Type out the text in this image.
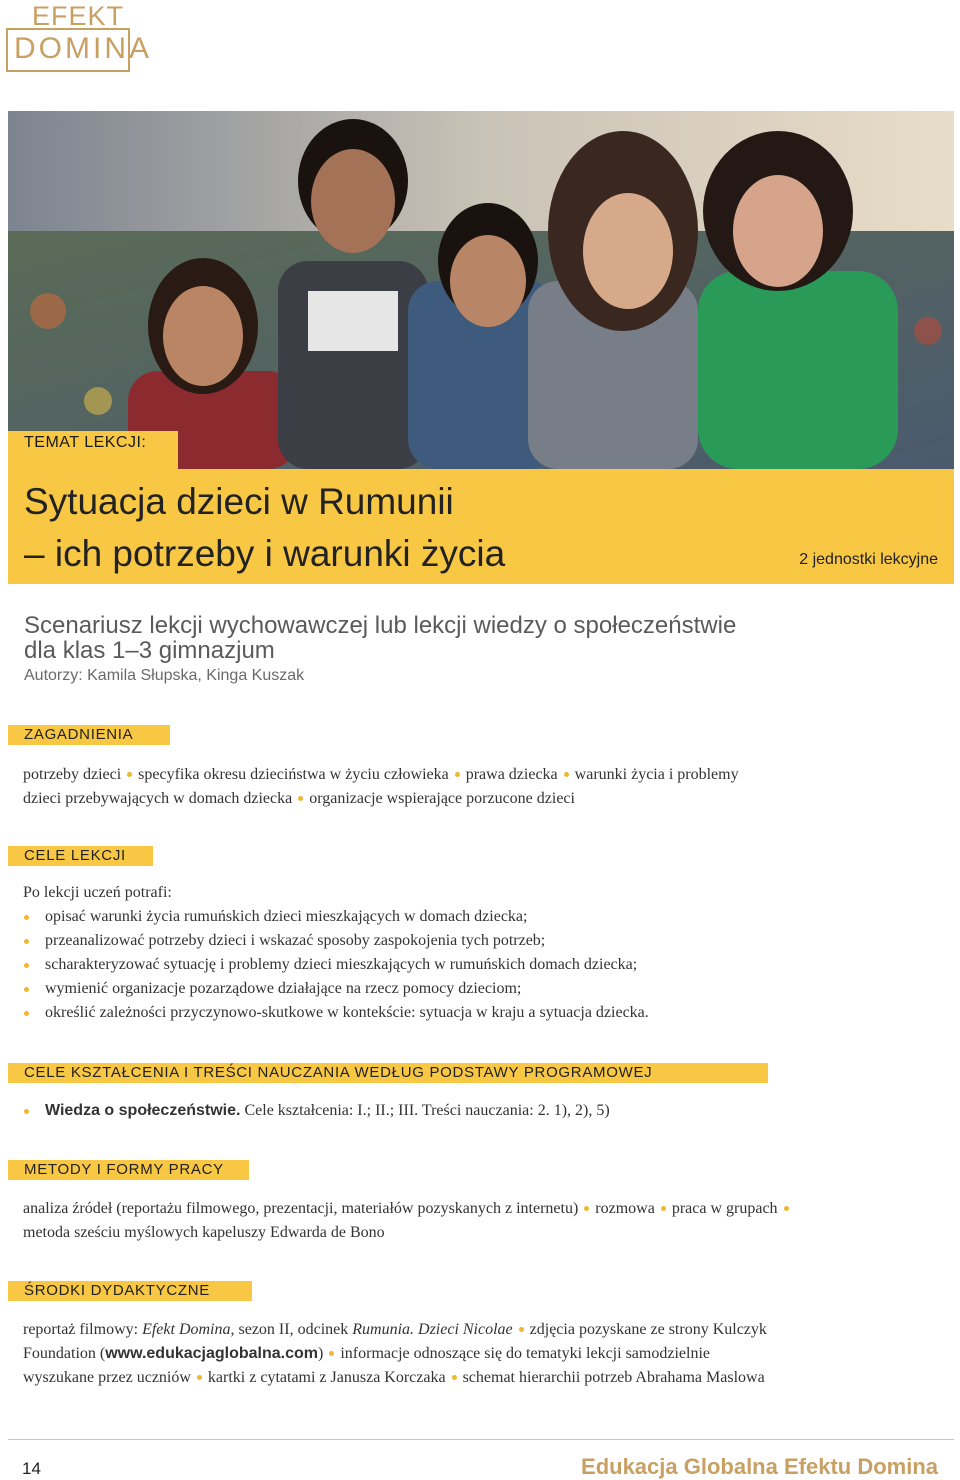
EFEKT
DOMINA
TEMAT LEKCJI:
Sytuacja dzieci w Rumunii
– ich potrzeby i warunki życia	2 jednostki lekcyjne
Scenariusz lekcji wychowawczej lub lekcji wiedzy o społeczeństwie
dla klas 1–3 gimnazjum
Autorzy: Kamila Słupska, Kinga Kuszak
ZAGADNIENIA
potrzeby dzieci specyfika okresu dzieciństwa w życiu człowieka prawa dziecka warunki życia i problemy
dzieci przebywających w domach dziecka organizacje wspierające porzucone dzieci
CELE LEKCJI
Po lekcji uczeń potrafi:
opisać warunki życia rumuńskich dzieci mieszkających w domach dziecka;
przeanalizować potrzeby dzieci i wskazać sposoby zaspokojenia tych potrzeb;
scharakteryzować sytuację i problemy dzieci mieszkających w rumuńskich domach dziecka;
wymienić organizacje pozarządowe działające na rzecz pomocy dzieciom;
określić zależności przyczynowo-skutkowe w kontekście: sytuacja w kraju a sytuacja dziecka.
CELE KSZTAŁCENIA I TREŚCI NAUCZANIA WEDŁUG PODSTAWY PROGRAMOWEJ
Wiedza o społeczeństwie. Cele kształcenia: I.; II.; III. Treści nauczania: 2. 1), 2), 5)
METODY I FORMY PRACY
analiza źródeł (reportażu filmowego, prezentacji, materiałów pozyskanych z internetu) rozmowa praca w grupach
metoda sześciu myślowych kapeluszy Edwarda de Bono
ŚRODKI DYDAKTYCZNE
reportaż filmowy: Efekt Domina, sezon II, odcinek Rumunia. Dzieci Nicolae zdjęcia pozyskane ze strony Kulczyk
Foundation (www.edukacjaglobalna.com) informacje odnoszące się do tematyki lekcji samodzielnie
wyszukane przez uczniów kartki z cytatami z Janusza Korczaka schemat hierarchii potrzeb Abrahama Maslowa
14	Edukacja Globalna Efektu Domina
